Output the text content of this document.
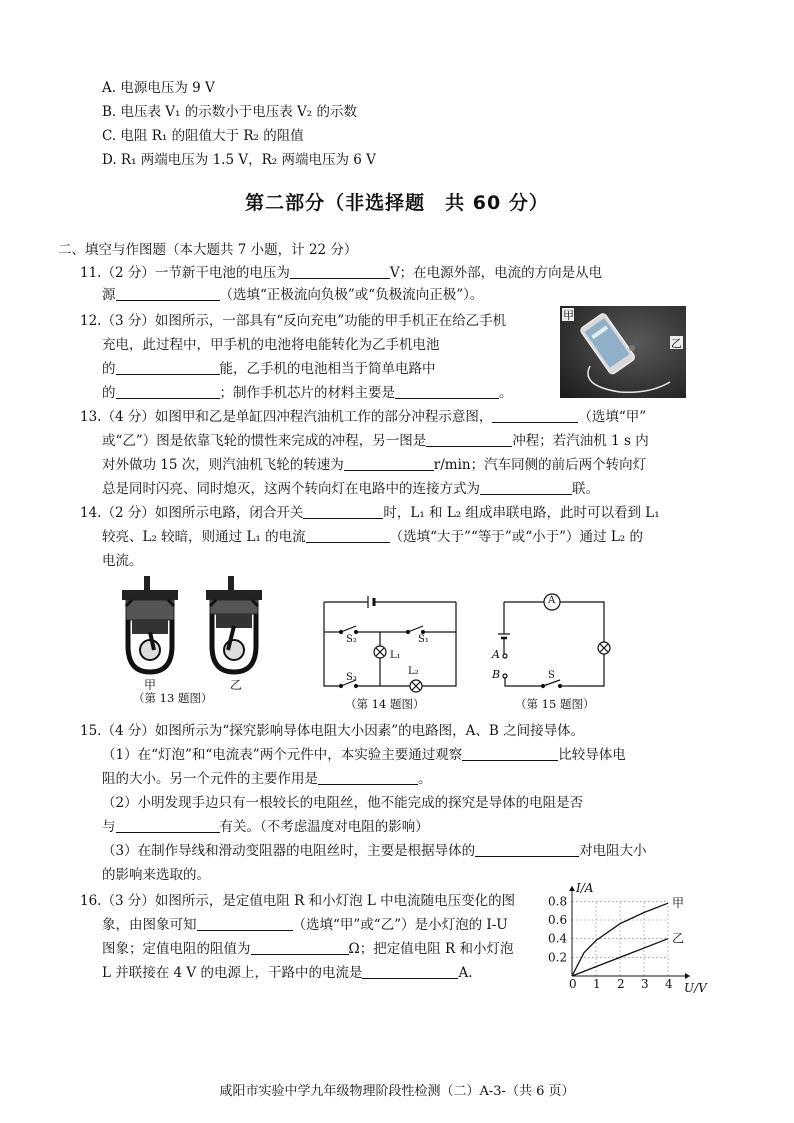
A. 电源电压为 9 V
B. 电压表 V₁ 的示数小于电压表 V₂ 的示数
C. 电阻 R₁ 的阻值大于 R₂ 的阻值
D. R₁ 两端电压为 1.5 V，R₂ 两端电压为 6 V
第二部分（非选择题　共 60 分）
二、填空与作图题（本大题共 7 小题，计 22 分）
11.（2 分）一节新干电池的电压为	V；在电源外部，电流的方向是从电
源	（选填“正极流向负极”或“负极流向正极”）。
12.（3 分）如图所示，一部具有“反向充电”功能的甲手机正在给乙手机
充电，此过程中，甲手机的电池将电能转化为乙手机电池
的	能，乙手机的电池相当于简单电路中
的	；制作手机芯片的材料主要是	。
甲
乙
13.（4 分）如图甲和乙是单缸四冲程汽油机工作的部分冲程示意图，	（选填“甲”
或“乙”）图是依靠飞轮的惯性来完成的冲程，另一图是	冲程；若汽油机 1 s 内
对外做功 15 次，则汽油机飞轮的转速为	r/min；汽车同侧的前后两个转向灯
总是同时闪亮、同时熄灭，这两个转向灯在电路中的连接方式为	联。
14.（2 分）如图所示电路，闭合开关	时，L₁ 和 L₂ 组成串联电路，此时可以看到 L₁
较亮、L₂ 较暗，则通过 L₁ 的电流	（选填“大于”“等于”或“小于”）通过 L₂ 的
电流。
甲	乙
（第 13 题图）
S₂	S₁
L₁
L₂
S₃
（第 14 题图）
A
A
B	S
（第 15 题图）
15.（4 分）如图所示为“探究影响导体电阻大小因素”的电路图，A、B 之间接导体。
（1）在“灯泡”和“电流表”两个元件中，本实验主要通过观察	比较导体电
阻的大小。另一个元件的主要作用是	。
（2）小明发现手边只有一根较长的电阻丝，他不能完成的探究是导体的电阻是否
与	有关。（不考虑温度对电阻的影响）
（3）在制作导线和滑动变阻器的电阻丝时，主要是根据导体的	对电阻大小
的影响来选取的。
16.（3 分）如图所示，是定值电阻 R 和小灯泡 L 中电流随电压变化的图
象，由图象可知	（选填“甲”或“乙”）是小灯泡的 I-U
图象；定值电阻的阻值为	Ω；把定值电阻 R 和小灯泡
L 并联接在 4 V 的电源上，干路中的电流是	A.
0 1 2 3 4
0.2
0.4
0.6
0.8
I/A
U/V
甲
乙
咸阳市实验中学九年级物理阶段性检测（二）A-3-（共 6 页）
